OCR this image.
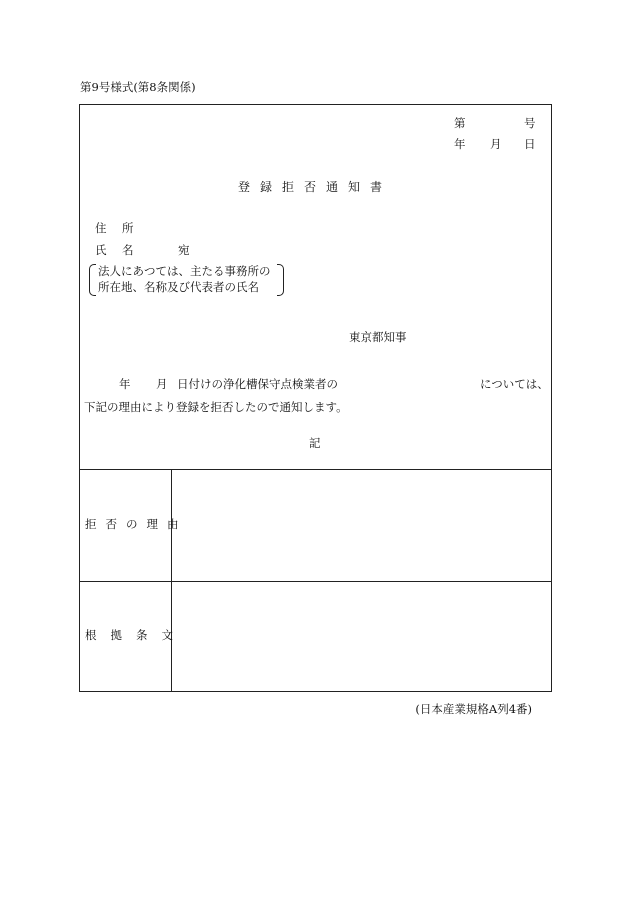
第9号様式(第8条関係)
第	号
年 月 日
登録拒否通知書
住　所
氏　名	宛
法人にあつては、主たる事務所の
所在地、名称及び代表者の氏名
東京都知事
年 月 日付けの浄化槽保守点検業者の	については、
下記の理由により登録を拒否したので通知します。
記
拒否の理由
根拠条文
(日本産業規格A列4番)
